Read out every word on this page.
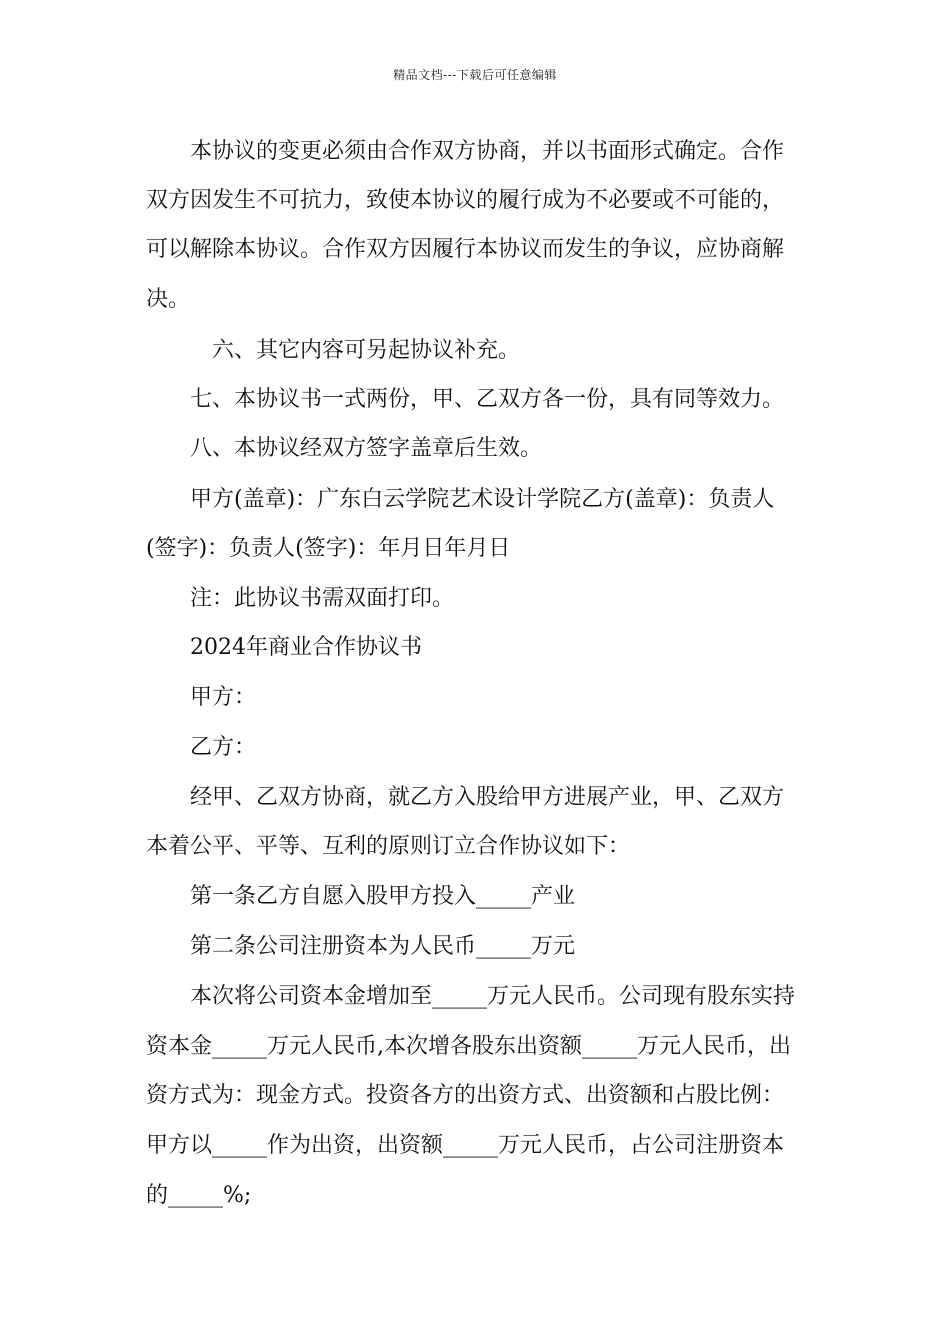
精品文档---下载后可任意编辑
本协议的变更必须由合作双方协商，并以书面形式确定。合作
双方因发生不可抗力，致使本协议的履行成为不必要或不可能的，
可以解除本协议。合作双方因履行本协议而发生的争议，应协商解
决。
六、其它内容可另起协议补充。
七、本协议书一式两份，甲、乙双方各一份，具有同等效力。
八、本协议经双方签字盖章后生效。
甲方(盖章)：广东白云学院艺术设计学院乙方(盖章)：负责人
(签字)：负责人(签字)：年月日年月日
注：此协议书需双面打印。
2024年商业合作协议书
甲方：
乙方：
经甲、乙双方协商，就乙方入股给甲方进展产业，甲、乙双方
本着公平、平等、互利的原则订立合作协议如下：
第一条乙方自愿入股甲方投入_____产业
第二条公司注册资本为人民币_____万元
本次将公司资本金增加至_____万元人民币。公司现有股东实持
资本金_____万元人民币,本次增各股东出资额_____万元人民币，出
资方式为：现金方式。投资各方的出资方式、出资额和占股比例：
甲方以_____作为出资，出资额_____万元人民币，占公司注册资本
的_____%;
